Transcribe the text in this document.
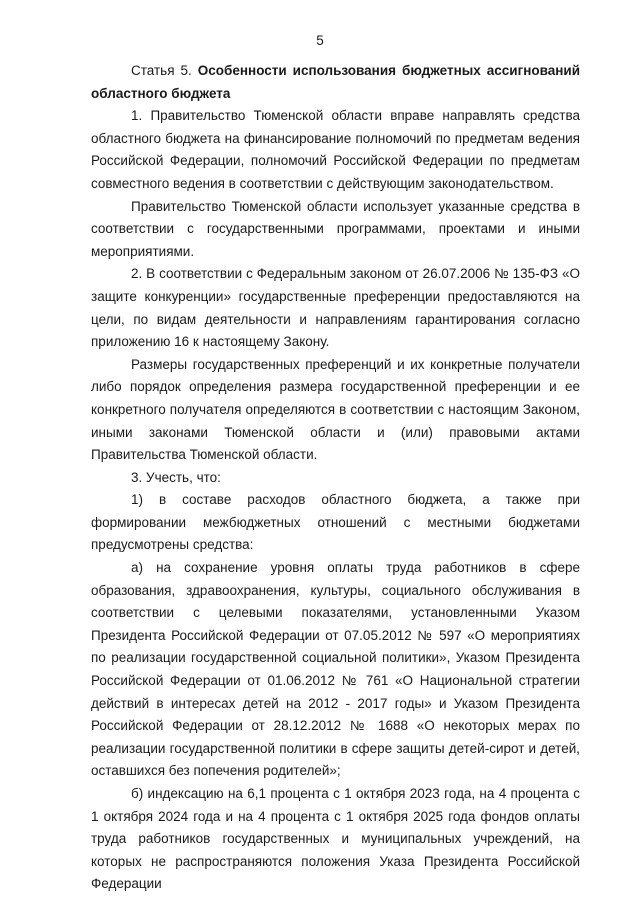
5

Статья 5. Особенности использования бюджетных ассигнований областного бюджета

1. Правительство Тюменской области вправе направлять средства областного бюджета на финансирование полномочий по предметам ведения Российской Федерации, полномочий Российской Федерации по предметам совместного ведения в соответствии с действующим законодательством.

Правительство Тюменской области использует указанные средства в соответствии с государственными программами, проектами и иными мероприятиями.

2. В соответствии с Федеральным законом от 26.07.2006 № 135-ФЗ «О защите конкуренции» государственные преференции предоставляются на цели, по видам деятельности и направлениям гарантирования согласно приложению 16 к настоящему Закону.

Размеры государственных преференций и их конкретные получатели либо порядок определения размера государственной преференции и ее конкретного получателя определяются в соответствии с настоящим Законом, иными законами Тюменской области и (или) правовыми актами Правительства Тюменской области.

3. Учесть, что:

1) в составе расходов областного бюджета, а также при формировании межбюджетных отношений с местными бюджетами предусмотрены средства:

а) на сохранение уровня оплаты труда работников в сфере образования, здравоохранения, культуры, социального обслуживания в соответствии с целевыми показателями, установленными Указом Президента Российской Федерации от 07.05.2012 № 597 «О мероприятиях по реализации государственной социальной политики», Указом Президента Российской Федерации от 01.06.2012 № 761 «О Национальной стратегии действий в интересах детей на 2012 - 2017 годы» и Указом Президента Российской Федерации от 28.12.2012 № 1688 «О некоторых мерах по реализации государственной политики в сфере защиты детей-сирот и детей, оставшихся без попечения родителей»;

б) индексацию на 6,1 процента с 1 октября 2023 года, на 4 процента с 1 октября 2024 года и на 4 процента с 1 октября 2025 года фондов оплаты труда работников государственных и муниципальных учреждений, на которых не распространяются положения Указа Президента Российской Федерации
